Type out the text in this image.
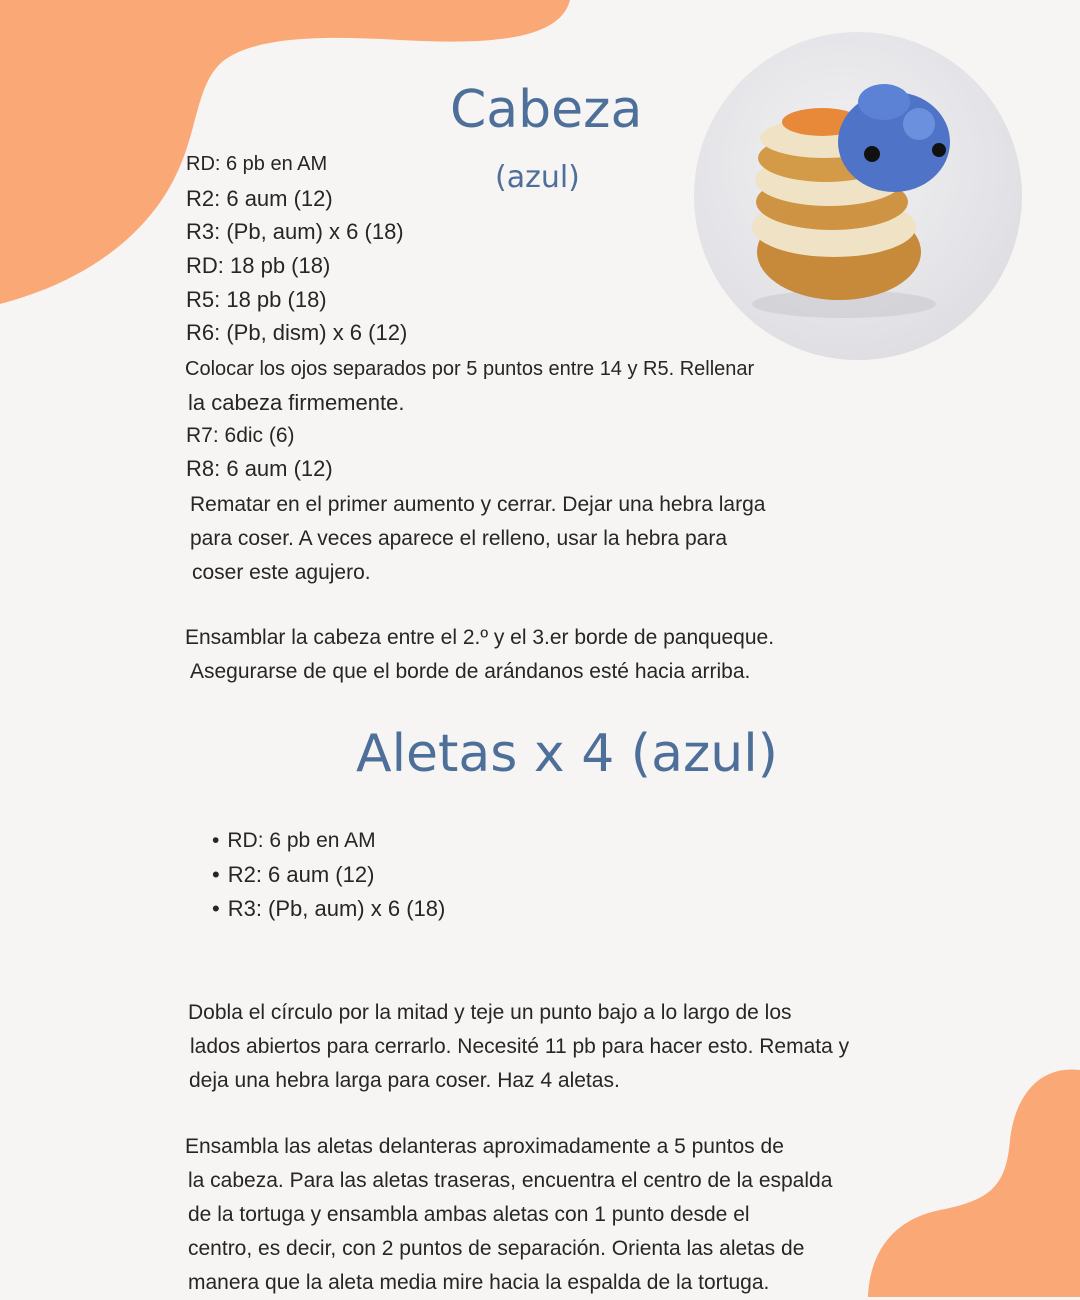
Cabeza
(azul)

RD: 6 pb en AM

R2: 6 aum (12)

R3: (Pb, aum) x 6 (18)

RD: 18 pb (18)

R5: 18 pb (18)

R6: (Pb, dism) x 6 (12)

Colocar los ojos separados por 5 puntos entre 14 y R5. Rellenar
la cabeza firmemente.

R7: 6dic (6)

R8: 6 aum (12)

Rematar en el primer aumento y cerrar. Dejar una hebra larga
para coser. A veces aparece el relleno, usar la hebra para
coser este agujero.

Ensamblar la cabeza entre el 2.º y el 3.er borde de panqueque.
Asegurarse de que el borde de arándanos esté hacia arriba.

Aletas x 4 (azul)
• RD: 6 pb en AM
• R2: 6 aum (12)
• R3: (Pb, aum) x 6 (18)

Dobla el círculo por la mitad y teje un punto bajo a lo largo de los
lados abiertos para cerrarlo. Necesité 11 pb para hacer esto. Remata y
deja una hebra larga para coser. Haz 4 aletas.

Ensambla las aletas delanteras aproximadamente a 5 puntos de
la cabeza. Para las aletas traseras, encuentra el centro de la espalda
de la tortuga y ensambla ambas aletas con 1 punto desde el
centro, es decir, con 2 puntos de separación. Orienta las aletas de
manera que la aleta media mire hacia la espalda de la tortuga.
